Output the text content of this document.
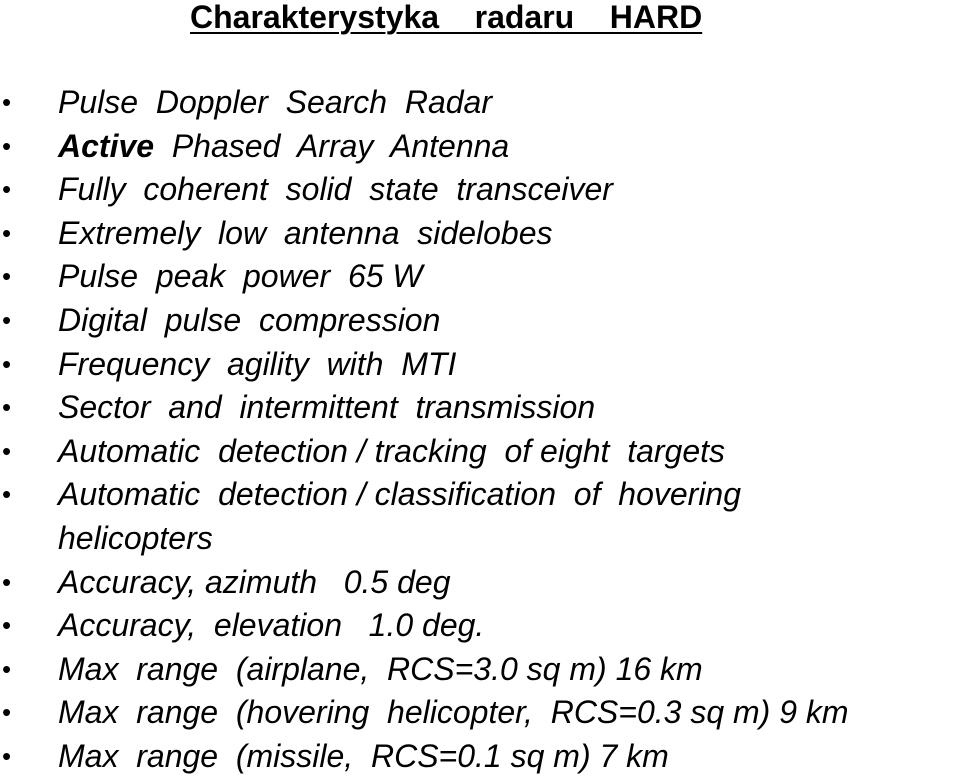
Charakterystyka    radaru    HARD
• Pulse  Doppler  Search  Radar
• Active  Phased  Array  Antenna
• Fully  coherent  solid  state  transceiver
• Extremely  low  antenna  sidelobes
• Pulse  peak  power  65 W
• Digital  pulse  compression
• Frequency  agility  with  MTI
• Sector  and  intermittent  transmission
• Automatic  detection / tracking  of eight  targets
• Automatic  detection / classification  of  hovering
helicopters
• Accuracy, azimuth   0.5 deg
• Accuracy,  elevation   1.0 deg.
• Max  range  (airplane,  RCS=3.0 sq m) 16 km
• Max  range  (hovering  helicopter,  RCS=0.3 sq m) 9 km
• Max  range  (missile,  RCS=0.1 sq m) 7 km
